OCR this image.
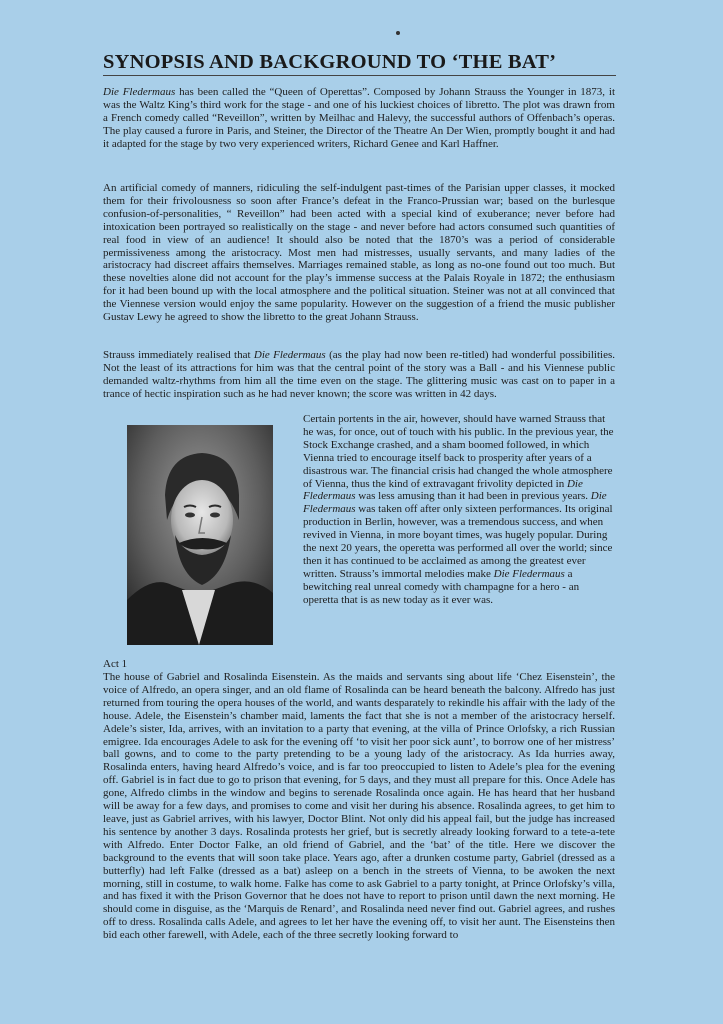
SYNOPSIS AND BACKGROUND TO ‘THE BAT’

Die Fledermaus has been called the “Queen of Operettas”. Composed by Johann Strauss the Younger in 1873, it was the Waltz King’s third work for the stage - and one of his luckiest choices of libretto. The plot was drawn from a French comedy called “Reveillon”, written by Meilhac and Halevy, the successful authors of Offenbach’s operas. The play caused a furore in Paris, and Steiner, the Director of the Theatre An Der Wien, promptly bought it and had it adapted for the stage by two very experienced writers, Richard Genee and Karl Haffner.

An artificial comedy of manners, ridiculing the self-indulgent past-times of the Parisian upper classes, it mocked them for their frivolousness so soon after France’s defeat in the Franco-Prussian war; based on the burlesque confusion-of-personalities, “ Reveillon” had been acted with a special kind of exuberance; never before had intoxication been portrayed so realistically on the stage - and never before had actors consumed such quantities of real food in view of an audience! It should also be noted that the 1870’s was a period of considerable permissiveness among the aristocracy. Most men had mistresses, usually servants, and many ladies of the aristocracy had discreet affairs themselves. Marriages remained stable, as long as no-one found out too much. But these novelties alone did not account for the play’s immense success at the Palais Royale in 1872; the enthusiasm for it had been bound up with the local atmosphere and the political situation. Steiner was not at all convinced that the Viennese version would enjoy the same popularity. However on the suggestion of a friend the music publisher Gustav Lewy he agreed to show the libretto to the great Johann Strauss.

Strauss immediately realised that Die Fledermaus (as the play had now been re-titled) had wonderful possibilities. Not the least of its attractions for him was that the central point of the story was a Ball - and his Viennese public demanded waltz-rhythms from him all the time even on the stage. The glittering music was cast on to paper in a trance of hectic inspiration such as he had never known; the score was written in 42 days.

Certain portents in the air, however, should have warned Strauss that he was, for once, out of touch with his public. In the previous year, the Stock Exchange crashed, and a sham boomed followed, in which Vienna tried to encourage itself back to prosperity after years of a disastrous war. The financial crisis had changed the whole atmosphere of Vienna, thus the kind of extravagant frivolity depicted in Die Fledermaus was less amusing than it had been in previous years. Die Fledermaus was taken off after only sixteen performances. Its original production in Berlin, however, was a tremendous success, and when revived in Vienna, in more boyant times, was hugely popular. During the next 20 years, the operetta was performed all over the world; since then it has continued to be acclaimed as among the greatest ever written. Strauss’s immortal melodies make Die Fledermaus a bewitching real unreal comedy with champagne for a hero - an operetta that is as new today as it ever was.

Act 1

The house of Gabriel and Rosalinda Eisenstein. As the maids and servants sing about life ‘Chez Eisenstein’, the voice of Alfredo, an opera singer, and an old flame of Rosalinda can be heard beneath the balcony. Alfredo has just returned from touring the opera houses of the world, and wants desparately to rekindle his affair with the lady of the house. Adele, the Eisenstein’s chamber maid, laments the fact that she is not a member of the aristocracy herself. Adele’s sister, Ida, arrives, with an invitation to a party that evening, at the villa of Prince Orlofsky, a rich Russian emigree. Ida encourages Adele to ask for the evening off ‘to visit her poor sick aunt’, to borrow one of her mistress’ ball gowns, and to come to the party pretending to be a young lady of the aristocracy. As Ida hurries away, Rosalinda enters, having heard Alfredo’s voice, and is far too preoccupied to listen to Adele’s plea for the evening off. Gabriel is in fact due to go to prison that evening, for 5 days, and they must all prepare for this. Once Adele has gone, Alfredo climbs in the window and begins to serenade Rosalinda once again. He has heard that her husband will be away for a few days, and promises to come and visit her during his absence. Rosalinda agrees, to get him to leave, just as Gabriel arrives, with his lawyer, Doctor Blint. Not only did his appeal fail, but the judge has increased his sentence by another 3 days. Rosalinda protests her grief, but is secretly already looking forward to a tete-a-tete with Alfredo. Enter Doctor Falke, an old friend of Gabriel, and the ‘bat’ of the title. Here we discover the background to the events that will soon take place. Years ago, after a drunken costume party, Gabriel (dressed as a butterfly) had left Falke (dressed as a bat) asleep on a bench in the streets of Vienna, to be awoken the next morning, still in costume, to walk home. Falke has come to ask Gabriel to a party tonight, at Prince Orlofsky’s villa, and has fixed it with the Prison Governor that he does not have to report to prison until dawn the next morning. He should come in disguise, as the ‘Marquis de Renard’, and Rosalinda need never find out. Gabriel agrees, and rushes off to dress. Rosalinda calls Adele, and agrees to let her have the evening off, to visit her aunt. The Eisensteins then bid each other farewell, with Adele, each of the three secretly looking forward to
